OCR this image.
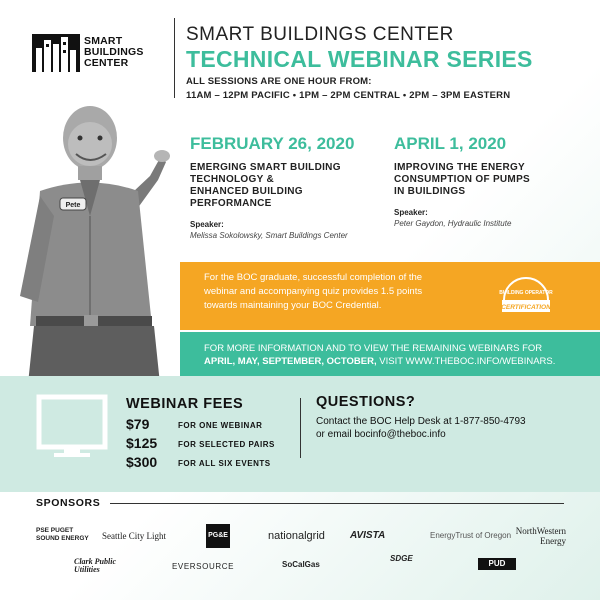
SMART
BUILDINGS
CENTER
SMART BUILDINGS CENTER
TECHNICAL WEBINAR SERIES
ALL SESSIONS ARE ONE HOUR FROM:
11AM – 12PM PACIFIC • 1PM – 2PM CENTRAL • 2PM – 3PM EASTERN
Pete
FEBRUARY 26, 2020
EMERGING SMART BUILDING
TECHNOLOGY &
ENHANCED BUILDING
PERFORMANCE
Speaker:
Melissa Sokolowsky, Smart Buildings Center
APRIL 1, 2020
IMPROVING THE ENERGY
CONSUMPTION OF PUMPS
IN BUILDINGS
Speaker:
Peter Gaydon, Hydraulic Institute
For the BOC graduate, successful completion of the
webinar and accompanying quiz provides 1.5 points
towards maintaining your BOC Credential.
BUILDING OPERATOR
CERTIFICATION
FOR MORE INFORMATION AND TO VIEW THE REMAINING WEBINARS FOR
APRIL, MAY, SEPTEMBER, OCTOBER, VISIT WWW.THEBOC.INFO/WEBINARS.
WEBINAR FEES
$79	FOR ONE WEBINAR
$125	FOR SELECTED PAIRS
$300	FOR ALL SIX EVENTS
QUESTIONS?
Contact the BOC Help Desk at 1-877-850-4793
or email bocinfo@theboc.info
SPONSORS
PSE PUGET SOUND ENERGY	Seattle City Light	PG&E	nationalgrid	AVISTA	EnergyTrust of Oregon NorthWestern Energy
Clark Public Utilities	EVERSOURCE	SoCalGas
SDGE
PUD
